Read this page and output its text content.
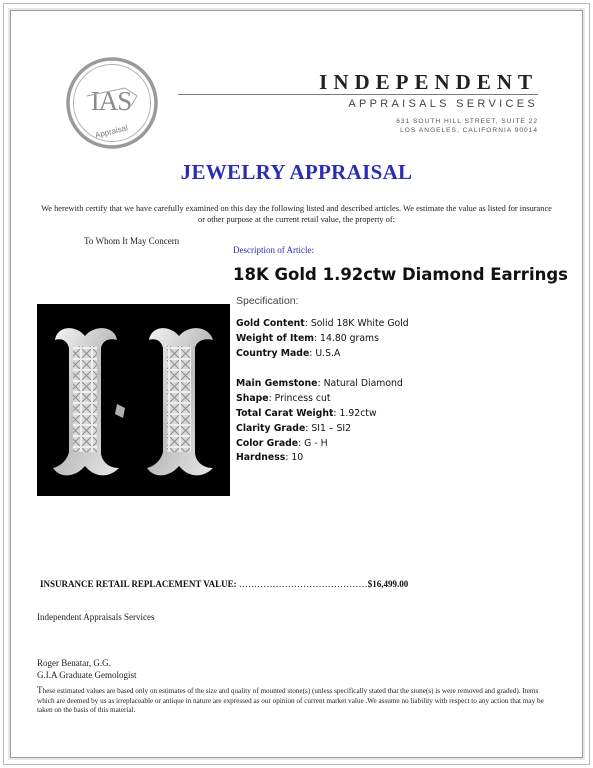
IAS
Appraisal
INDEPENDENT
APPRAISALS SERVICES
631 SOUTH HILL STREET, SUITE 22
LOS ANGELES, CALIFORNIA 90014
JEWELRY APPRAISAL
We herewith certify that we have carefully examined on this day the following listed and described articles. We estimate the value as listed for insurance or other purpose at the current retail value, the property of:
To Whom It May Concern
Description of Article:
18K Gold 1.92ctw Diamond Earrings
Specification:
Gold Content: Solid 18K White Gold
Weight of Item: 14.80 grams
Country Made: U.S.A
Main Gemstone: Natural Diamond
Shape: Princess cut
Total Carat Weight: 1.92ctw
Clarity Grade: SI1 – SI2
Color Grade: G - H
Hardness: 10
INSURANCE RETAIL REPLACEMENT VALUE: ……………………………………$16,499.00
Independent Appraisals Services
Roger Benatar, G.G.
G.I.A Graduate Gemologist
These estimated values are based only on estimates of the size and quality of mounted stone(s) (unless specifically stated that the stone(s) is were removed and graded). Items which are deemed by us as irreplaceable or antique in nature are expressed as our opinion of current market value .We assume no liability with respect to any action that may be taken on the basis of this material.
